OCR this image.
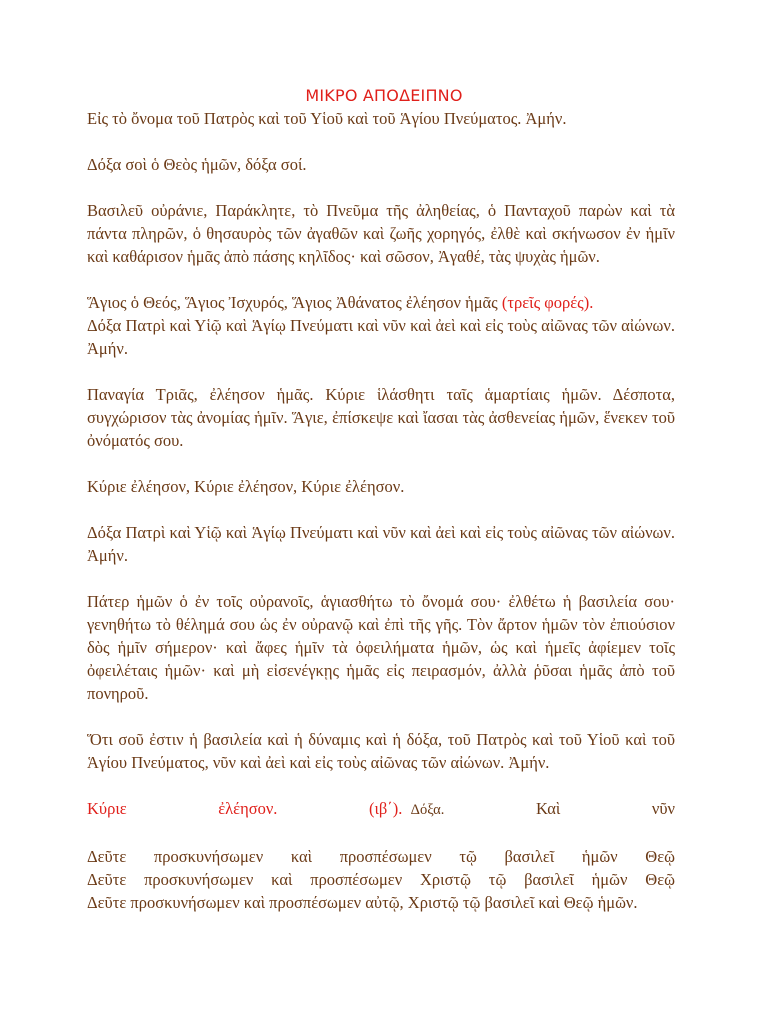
ΜΙΚΡΟ ΑΠΟΔΕΙΠΝΟ

Εἰς τὸ ὄνομα τοῦ Πατρὸς καὶ τοῦ Υἱοῦ καὶ τοῦ Ἁγίου Πνεύματος. Ἀμήν.

Δόξα σοὶ ὁ Θεὸς ἡμῶν, δόξα σοί.

Βασιλεῦ οὐράνιε, Παράκλητε, τὸ Πνεῦμα τῆς ἀληθείας, ὁ Πανταχοῦ παρὼν καὶ τὰ πάντα πληρῶν, ὁ θησαυρὸς τῶν ἀγαθῶν καὶ ζωῆς χορηγός, ἐλθὲ καὶ σκήνωσον ἐν ἡμῖν καὶ καθάρισον ἡμᾶς ἀπὸ πάσης κηλῖδος· καὶ σῶσον, Ἀγαθέ, τὰς ψυχὰς ἡμῶν.

Ἅγιος ὁ Θεός, Ἅγιος Ἰσχυρός, Ἅγιος Ἀθάνατος ἐλέησον ἡμᾶς (τρεῖς φορές).

Δόξα Πατρὶ καὶ Υἱῷ καὶ Ἁγίῳ Πνεύματι καὶ νῦν καὶ ἀεὶ καὶ εἰς τοὺς αἰῶνας τῶν αἰώνων. Ἀμήν.

Παναγία Τριᾶς, ἐλέησον ἡμᾶς. Κύριε ἱλάσθητι ταῖς ἁμαρτίαις ἡμῶν. Δέσποτα, συγχώρισον τὰς ἀνομίας ἡμῖν. Ἅγιε, ἐπίσκεψε καὶ ἴασαι τὰς ἀσθενείας ἡμῶν, ἕνεκεν τοῦ ὀνόματός σου.

Κύριε ἐλέησον, Κύριε ἐλέησον, Κύριε ἐλέησον.

Δόξα Πατρὶ καὶ Υἱῷ καὶ Ἁγίῳ Πνεύματι καὶ νῦν καὶ ἀεὶ καὶ εἰς τοὺς αἰῶνας τῶν αἰώνων. Ἀμήν.

Πάτερ ἡμῶν ὁ ἐν τοῖς οὐρανοῖς, ἁγιασθήτω τὸ ὄνομά σου· ἐλθέτω ἡ βασιλεία σου· γενηθήτω τὸ θέλημά σου ὡς ἐν οὐρανῷ καὶ ἐπὶ τῆς γῆς. Τὸν ἄρτον ἡμῶν τὸν ἐπιούσιον δὸς ἡμῖν σήμερον· καὶ ἄφες ἡμῖν τὰ ὀφειλήματα ἡμῶν, ὡς καὶ ἡμεῖς ἀφίεμεν τοῖς ὀφειλέταις ἡμῶν· καὶ μὴ εἰσενέγκῃς ἡμᾶς εἰς πειρασμόν, ἀλλὰ ῥῦσαι ἡμᾶς ἀπὸ τοῦ πονηροῦ.

Ὅτι σοῦ ἐστιν ἡ βασιλεία καὶ ἡ δύναμις καὶ ἡ δόξα, τοῦ Πατρὸς καὶ τοῦ Υἱοῦ καὶ τοῦ Ἁγίου Πνεύματος, νῦν καὶ ἀεὶ καὶ εἰς τοὺς αἰῶνας τῶν αἰώνων. Ἀμήν.

Κύριε	ἐλέησον.	(ιβ΄). Δόξα.	Καὶ	νῦν
Δεῦτε προσκυνήσωμεν καὶ προσπέσωμεν τῷ βασιλεῖ ἡμῶν Θεῷ
Δεῦτε προσκυνήσωμεν καὶ προσπέσωμεν Χριστῷ τῷ βασιλεῖ ἡμῶν Θεῷ

Δεῦτε προσκυνήσωμεν καὶ προσπέσωμεν αὐτῷ, Χριστῷ τῷ βασιλεῖ καὶ Θεῷ ἡμῶν.
